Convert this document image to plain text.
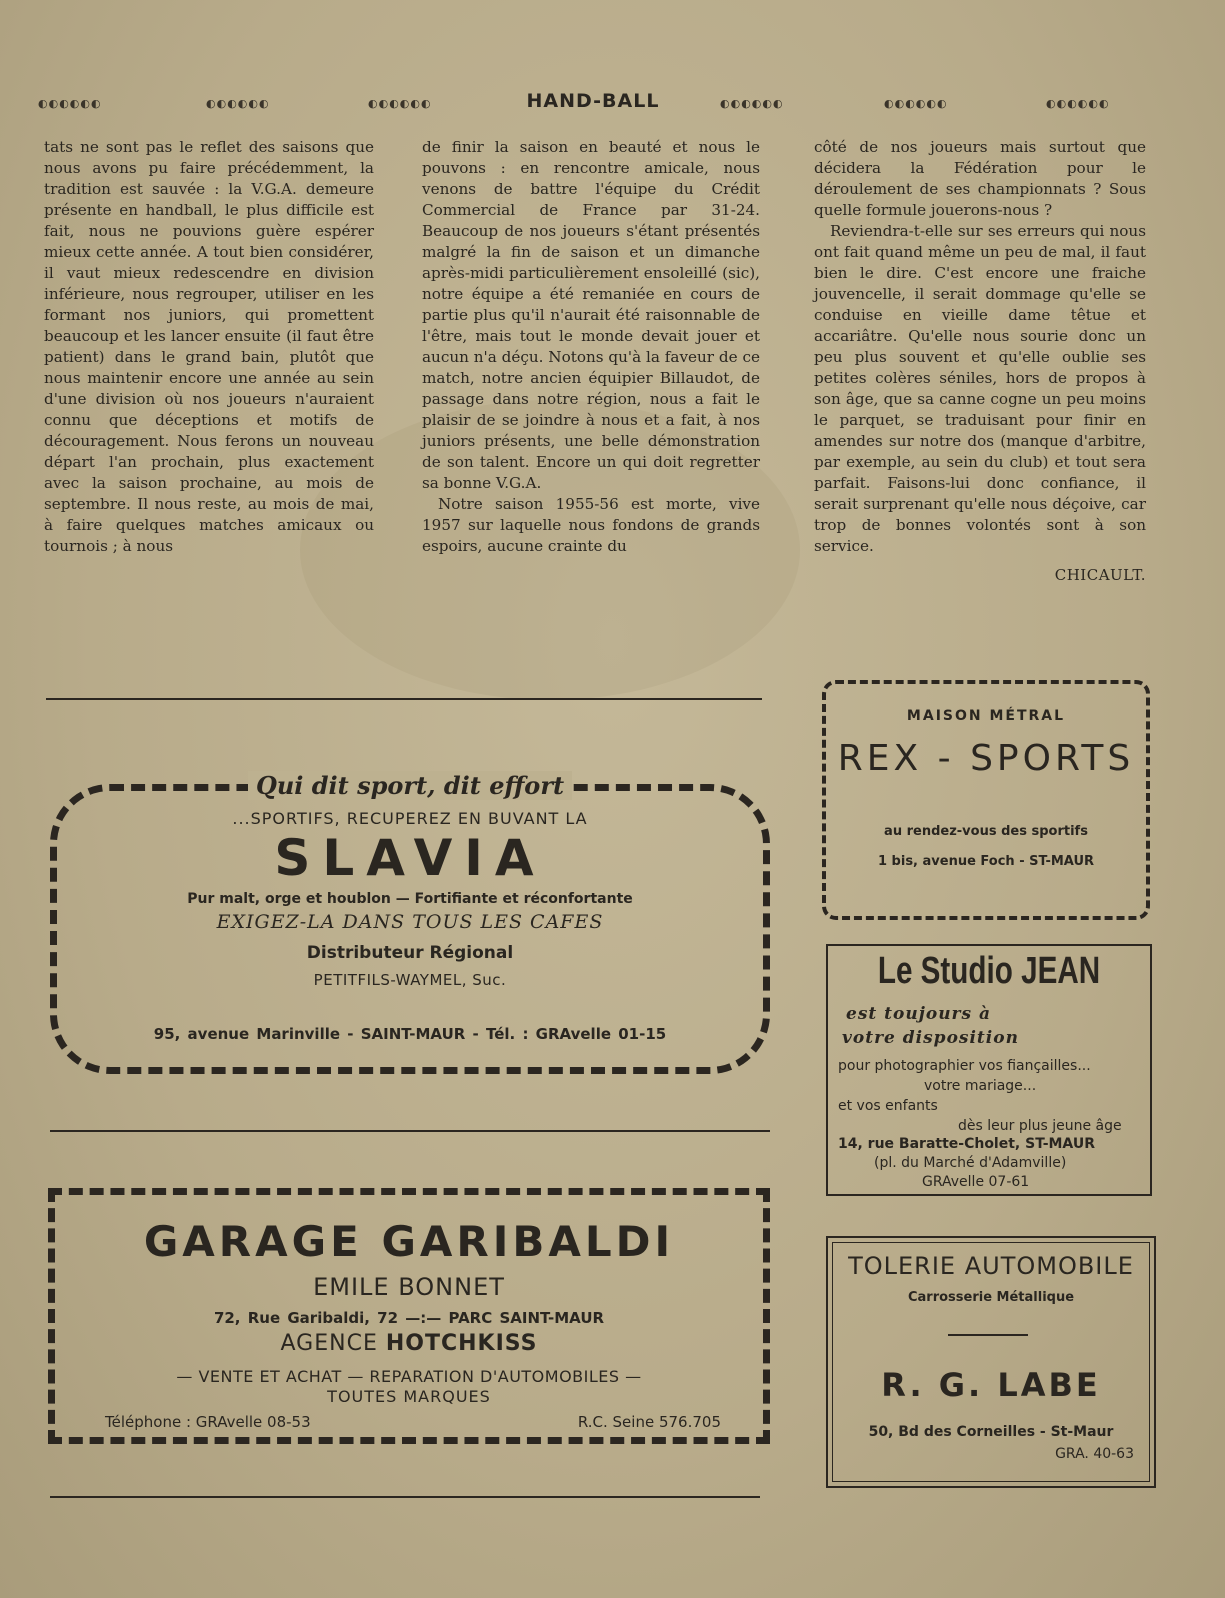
◐◐◐◐◐◐	◐◐◐◐◐◐	◐◐◐◐◐◐	HAND-BALL	◐◐◐◐◐◐	◐◐◐◐◐◐	◐◐◐◐◐◐

tats ne sont pas le reflet des saisons que nous avons pu faire précédemment, la tradition est sauvée : la V.G.A. demeure présente en handball, le plus difficile est fait, nous ne pouvions guère espérer mieux cette année. A tout bien considérer, il vaut mieux redescendre en division inférieure, nous regrouper, utiliser en les formant nos juniors, qui promettent beaucoup et les lancer ensuite (il faut être patient) dans le grand bain, plutôt que nous maintenir encore une année au sein d'une division où nos joueurs n'auraient connu que déceptions et motifs de découragement. Nous ferons un nouveau départ l'an prochain, plus exactement avec la saison prochaine, au mois de septembre. Il nous reste, au mois de mai, à faire quelques matches amicaux ou tournois ; à nous

de finir la saison en beauté et nous le pouvons : en rencontre amicale, nous venons de battre l'équipe du Crédit Commercial de France par 31-24. Beaucoup de nos joueurs s'étant présentés malgré la fin de saison et un dimanche après-midi particulièrement ensoleillé (sic), notre équipe a été remaniée en cours de partie plus qu'il n'aurait été raisonnable de l'être, mais tout le monde devait jouer et aucun n'a déçu. Notons qu'à la faveur de ce match, notre ancien équipier Billaudot, de passage dans notre région, nous a fait le plaisir de se joindre à nous et a fait, à nos juniors présents, une belle démonstration de son talent. Encore un qui doit regretter sa bonne V.G.A.

Notre saison 1955-56 est morte, vive 1957 sur laquelle nous fondons de grands espoirs, aucune crainte du

côté de nos joueurs mais surtout que décidera la Fédération pour le déroulement de ses championnats ? Sous quelle formule jouerons-nous ?

Reviendra-t-elle sur ses erreurs qui nous ont fait quand même un peu de mal, il faut bien le dire. C'est encore une fraiche jouvencelle, il serait dommage qu'elle se conduise en vieille dame têtue et accariâtre. Qu'elle nous sourie donc un peu plus souvent et qu'elle oublie ses petites colères séniles, hors de propos à son âge, que sa canne cogne un peu moins le parquet, se traduisant pour finir en amendes sur notre dos (manque d'arbitre, par exemple, au sein du club) et tout sera parfait. Faisons-lui donc confiance, il serait surprenant qu'elle nous déçoive, car trop de bonnes volontés sont à son service.

CHICAULT.

Qui dit sport, dit effort
...SPORTIFS, RECUPEREZ EN BUVANT LA
SLAVIA
Pur malt, orge et houblon — Fortifiante et réconfortante
EXIGEZ-LA DANS TOUS LES CAFES
Distributeur Régional
PETITFILS-WAYMEL, Suc.
95, avenue Marinville - SAINT-MAUR - Tél. : GRAvelle 01-15
MAISON MÉTRAL
REX - SPORTS
au rendez-vous des sportifs
1 bis, avenue Foch - ST-MAUR
Le Studio JEAN
est toujours à
votre disposition
pour photographier vos fiançailles...
votre mariage...
et vos enfants
dès leur plus jeune âge
14, rue Baratte-Cholet, ST-MAUR
(pl. du Marché d'Adamville)
GRAvelle 07-61
GARAGE GARIBALDI
EMILE BONNET
72, Rue Garibaldi, 72 —:— PARC SAINT-MAUR
AGENCE HOTCHKISS
— VENTE ET ACHAT — REPARATION D'AUTOMOBILES —
TOUTES MARQUES
Téléphone : GRAvelle 08-53	R.C. Seine 576.705
TOLERIE AUTOMOBILE
Carrosserie Métallique
R. G. LABE
50, Bd des Corneilles - St-Maur
GRA. 40-63
